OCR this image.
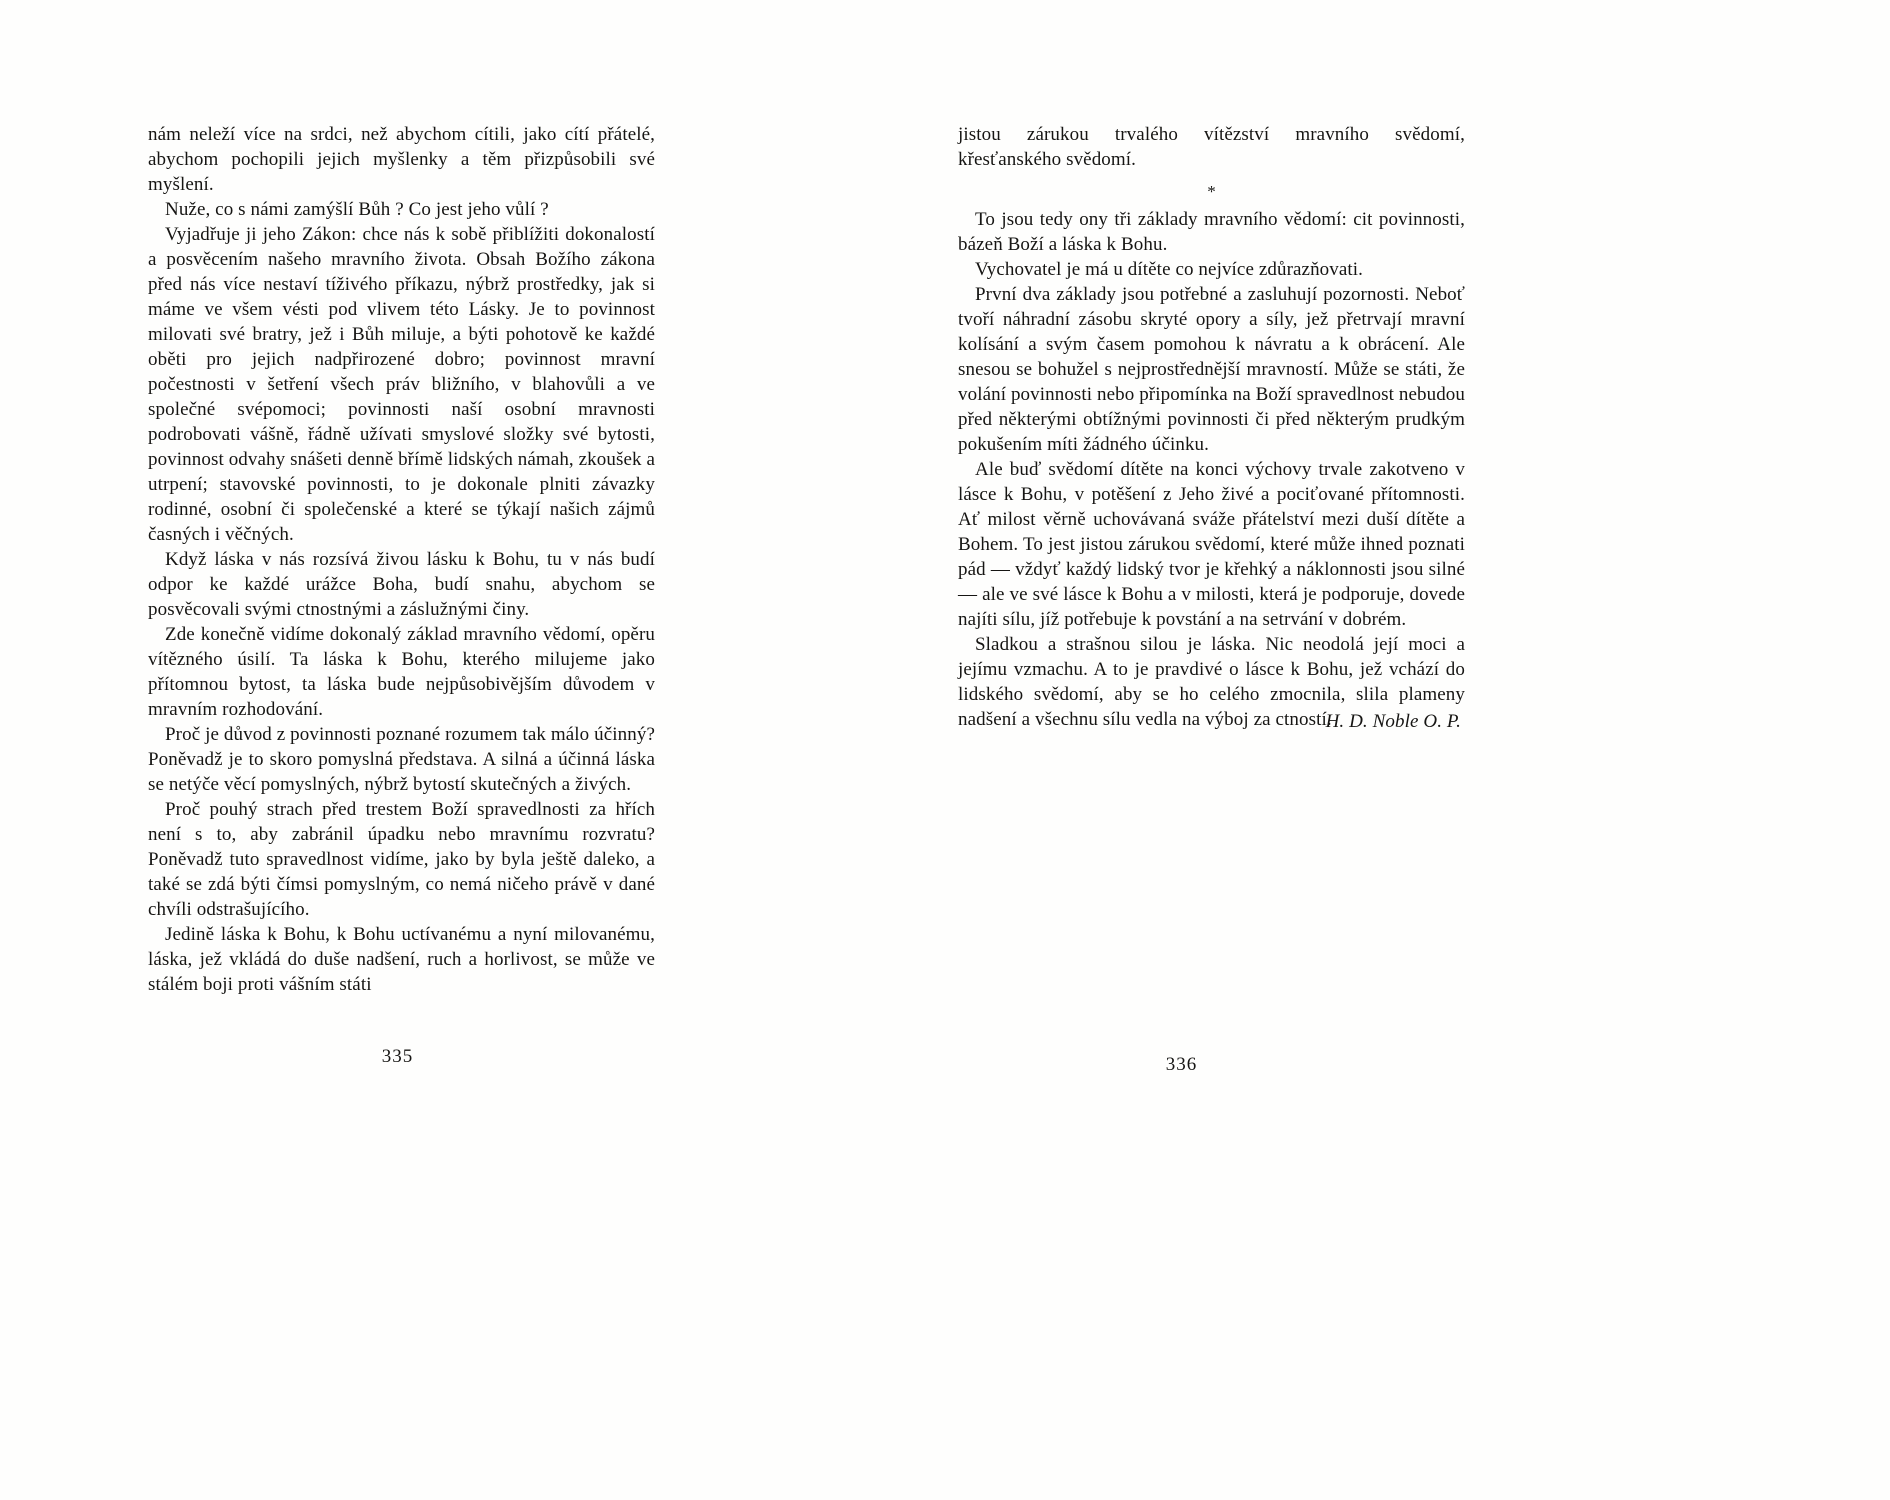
nám neleží více na srdci, než abychom cítili, jako cítí přátelé, abychom pochopili jejich myšlenky a těm přizpůsobili své myšlení.

Nuže, co s námi zamýšlí Bůh ? Co jest jeho vůlí ?

Vyjadřuje ji jeho Zákon: chce nás k sobě přiblížiti dokonalostí a posvěcením našeho mravního života. Obsah Božího zákona před nás více nestaví tíživého příkazu, nýbrž prostředky, jak si máme ve všem vésti pod vlivem této Lásky. Je to povinnost milovati své bratry, jež i Bůh miluje, a býti pohotově ke každé oběti pro jejich nadpřirozené dobro; povinnost mravní počestnosti v šetření všech práv bližního, v blahovůli a ve společné svépomoci; povinnosti naší osobní mravnosti podrobovati vášně, řádně užívati smyslové složky své bytosti, povinnost odvahy snášeti denně břímě lidských námah, zkoušek a utrpení; stavovské povinnosti, to je dokonale plniti závazky rodinné, osobní či společenské a které se týkají našich zájmů časných i věčných.

Když láska v nás rozsívá živou lásku k Bohu, tu v nás budí odpor ke každé urážce Boha, budí snahu, abychom se posvěcovali svými ctnostnými a záslužnými činy.

Zde konečně vidíme dokonalý základ mravního vědomí, opěru vítězného úsilí. Ta láska k Bohu, kterého milujeme jako přítomnou bytost, ta láska bude nejpůsobivějším důvodem v mravním rozhodování.

Proč je důvod z povinnosti poznané rozumem tak málo účinný? Poněvadž je to skoro pomyslná představa. A silná a účinná láska se netýče věcí pomyslných, nýbrž bytostí skutečných a živých.

Proč pouhý strach před trestem Boží spravedlnosti za hřích není s to, aby zabránil úpadku nebo mravnímu rozvratu? Poněvadž tuto spravedlnost vidíme, jako by byla ještě daleko, a také se zdá býti čímsi pomyslným, co nemá ničeho právě v dané chvíli odstrašujícího.

Jedině láska k Bohu, k Bohu uctívanému a nyní milovanému, láska, jež vkládá do duše nadšení, ruch a horlivost, se může ve stálém boji proti vášním státi

jistou zárukou trvalého vítězství mravního svědomí, křesťanského svědomí.

*

To jsou tedy ony tři základy mravního vědomí: cit povinnosti, bázeň Boží a láska k Bohu.

Vychovatel je má u dítěte co nejvíce zdůrazňovati.

První dva základy jsou potřebné a zasluhují pozornosti. Neboť tvoří náhradní zásobu skryté opory a síly, jež přetrvají mravní kolísání a svým časem pomohou k návratu a k obrácení. Ale snesou se bohužel s nejprostřednější mravností. Může se státi, že volání povinnosti nebo připomínka na Boží spravedlnost nebudou před některými obtížnými povinnosti či před některým prudkým pokušením míti žádného účinku.

Ale buď svědomí dítěte na konci výchovy trvale zakotveno v lásce k Bohu, v potěšení z Jeho živé a pociťované přítomnosti. Ať milost věrně uchovávaná sváže přátelství mezi duší dítěte a Bohem. To jest jistou zárukou svědomí, které může ihned poznati pád — vždyť každý lidský tvor je křehký a náklonnosti jsou silné — ale ve své lásce k Bohu a v milosti, která je podporuje, dovede najíti sílu, jíž potřebuje k povstání a na setrvání v dobrém.

Sladkou a strašnou silou je láska. Nic neodolá její moci a jejímu vzmachu. A to je pravdivé o lásce k Bohu, jež vchází do lidského svědomí, aby se ho celého zmocnila, slila plameny nadšení a všechnu sílu vedla na výboj za ctností.

H. D. Noble O. P.

335	336
